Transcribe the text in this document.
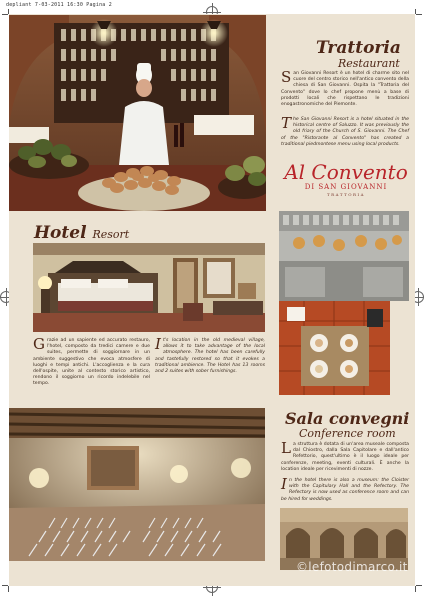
depliant 7-03-2011 16:30 Pagina 2
Trattoria
Restaurant
San Giovanni Resort è un hotel di charme sito nel cuore del centro storico nell'antico convento della chiesa di San Giovanni. Ospita la "Trattoria del Convento" dove lo chef propone menù a base di prodotti locali che rispettano le tradizioni enogastronomiche del Piemonte.
The San Giovanni Resort is a hotel situated in the historical centre of Saluzzo. It was previously the old friary of the Church of S. Giovanni. The Chef of the "Ristorante al Convento" has created a traditional piedmontese menu using local products.
Al Convento
DI SAN GIOVANNI
TRATTORIA
Hotel Resort
Grazie ad un sapiente ed accurato restauro, l'hotel, composto da tredici camere e due suites, permette di soggiornare in un ambiente suggestivo che evoca atmosfere di luoghi e tempi antichi. L'accoglienza e la cura dell'ospite, unite al contesto storico artistico, rendono il soggiorno un ricordo indelebile nel tempo.
It's location in the old medieval village, allows it to take advantage of the local atmosphere. The hotel has been carefully and tastefully restored so that it evokes a traditional ambience. The Hotel has 13 rooms and 2 suites with sober furnishings.
Sala convegni
Conference room
La struttura è dotata di un'area museale composta dal Chiostro, dalla Sala Capitolare e dall'antico Refettorio, quest'ultimo è il luogo ideale per conferenze, meeting, eventi culturali. È anche la location ideale per ricevimenti di nozze.
In the hotel there is also a museum: the Cloister with the Capitulary Hall and the Refectory. The Refectory is now used as conference room and can be hired for weddings.
©lefotodimarco.it
